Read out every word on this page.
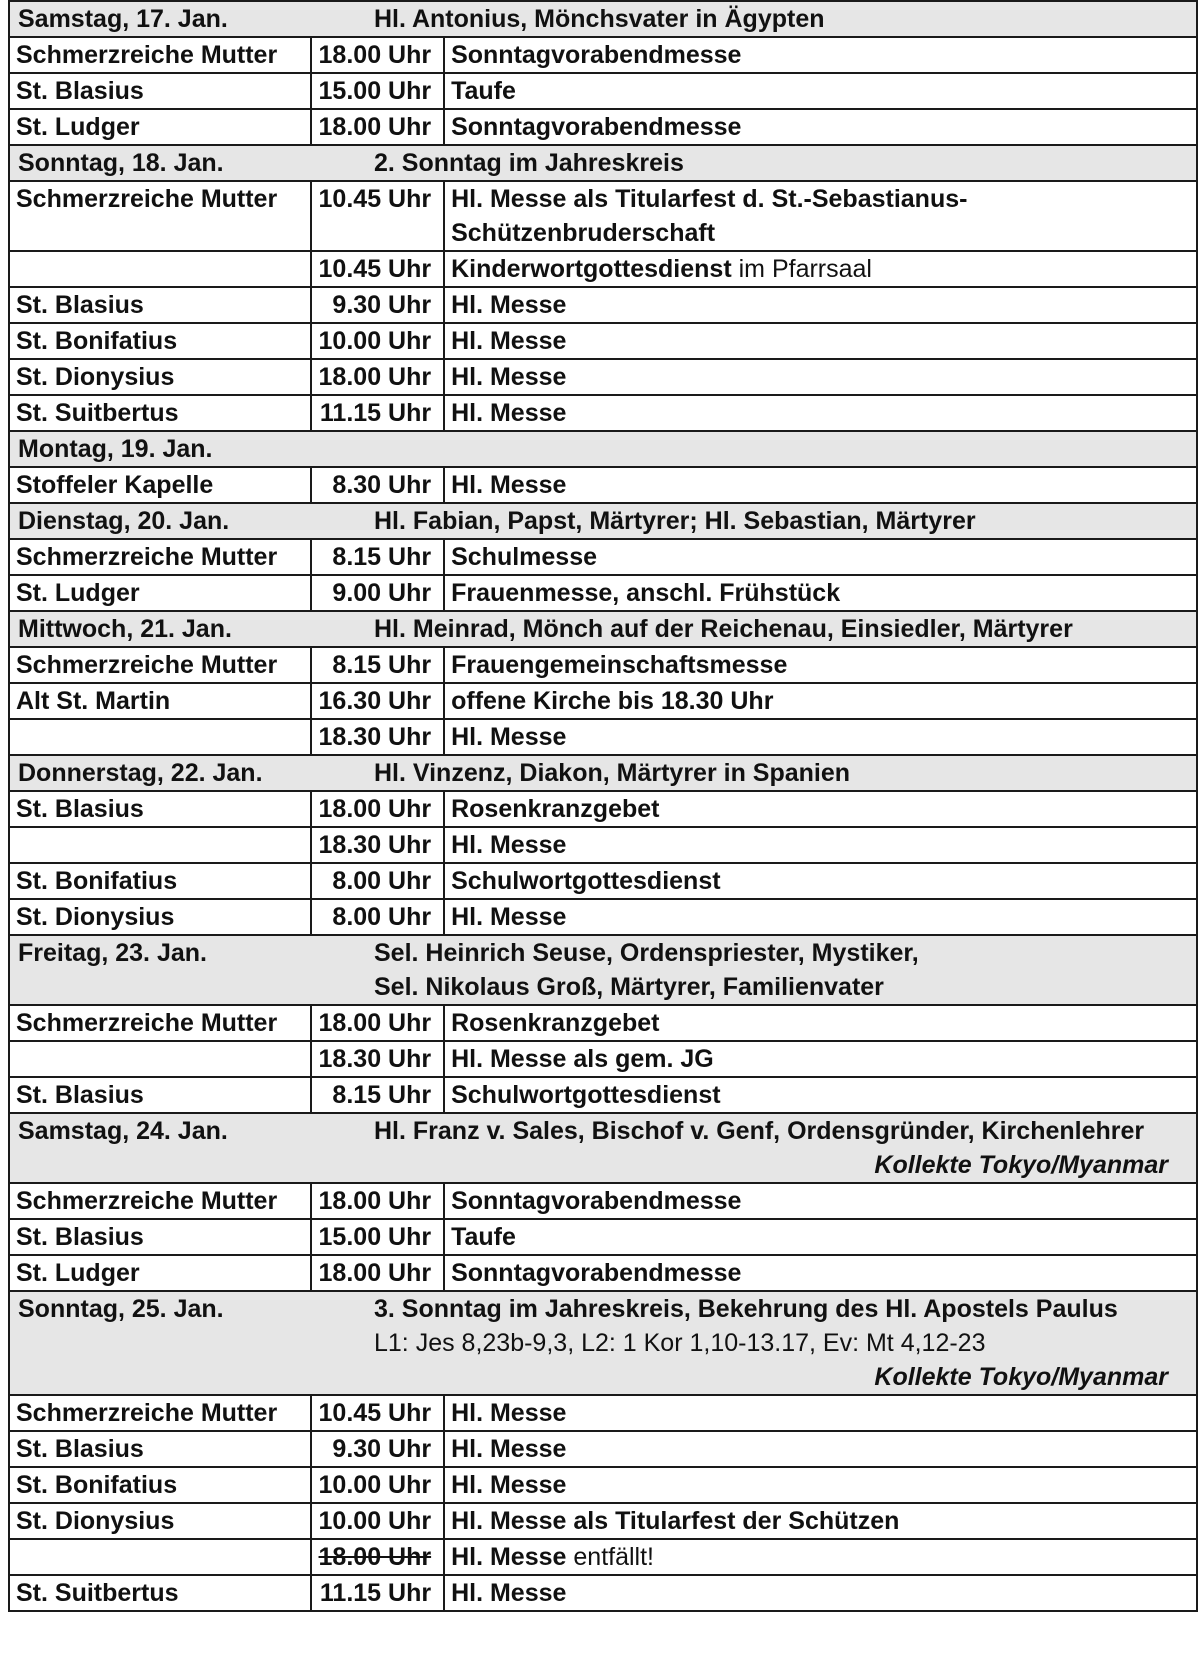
Samstag, 17. Jan. Hl. Antonius, Mönchsvater in Ägypten		

Schmerzreiche Mutter	18.00 Uhr	Sonntagvorabendmesse
St. Blasius	15.00 Uhr	Taufe
St. Ludger	18.00 Uhr	Sonntagvorabendmesse

Sonntag, 18. Jan. 2. Sonntag im Jahreskreis		

Schmerzreiche Mutter	10.45 Uhr	Hl. Messe als Titularfest d. St.-Sebastianus-
Schützenbruderschaft
	10.45 Uhr	Kinderwortgottesdienst im Pfarrsaal
St. Blasius	9.30 Uhr	Hl. Messe
St. Bonifatius	10.00 Uhr	Hl. Messe
St. Dionysius	18.00 Uhr	Hl. Messe
St. Suitbertus	11.15 Uhr	Hl. Messe

Montag, 19. Jan.		

Stoffeler Kapelle	8.30 Uhr	Hl. Messe

Dienstag, 20. Jan. Hl. Fabian, Papst, Märtyrer; Hl. Sebastian, Märtyrer		

Schmerzreiche Mutter	8.15 Uhr	Schulmesse
St. Ludger	9.00 Uhr	Frauenmesse, anschl. Frühstück

Mittwoch, 21. Jan. Hl. Meinrad, Mönch auf der Reichenau, Einsiedler, Märtyrer		

Schmerzreiche Mutter	8.15 Uhr	Frauengemeinschaftsmesse
Alt St. Martin	16.30 Uhr	offene Kirche bis 18.30 Uhr
	18.30 Uhr	Hl. Messe

Donnerstag, 22. Jan. Hl. Vinzenz, Diakon, Märtyrer in Spanien		

St. Blasius	18.00 Uhr	Rosenkranzgebet
	18.30 Uhr	Hl. Messe
St. Bonifatius	8.00 Uhr	Schulwortgottesdienst
St. Dionysius	8.00 Uhr	Hl. Messe

Freitag, 23. Jan. Sel. Heinrich Seuse, Ordenspriester, Mystiker,
Sel. Nikolaus Groß, Märtyrer, Familienvater		

Schmerzreiche Mutter	18.00 Uhr	Rosenkranzgebet
	18.30 Uhr	Hl. Messe als gem. JG
St. Blasius	8.15 Uhr	Schulwortgottesdienst

Samstag, 24. Jan. Hl. Franz v. Sales, Bischof v. Genf, Ordensgründer, Kirchenlehrer
Kollekte Tokyo/Myanmar		

Schmerzreiche Mutter	18.00 Uhr	Sonntagvorabendmesse
St. Blasius	15.00 Uhr	Taufe
St. Ludger	18.00 Uhr	Sonntagvorabendmesse

Sonntag, 25. Jan. 3. Sonntag im Jahreskreis, Bekehrung des Hl. Apostels Paulus
L1: Jes 8,23b-9,3, L2: 1 Kor 1,10-13.17, Ev: Mt 4,12-23
Kollekte Tokyo/Myanmar		

Schmerzreiche Mutter	10.45 Uhr	Hl. Messe
St. Blasius	9.30 Uhr	Hl. Messe
St. Bonifatius	10.00 Uhr	Hl. Messe
St. Dionysius	10.00 Uhr	Hl. Messe als Titularfest der Schützen
	18.00 Uhr	Hl. Messe entfällt!
St. Suitbertus	11.15 Uhr	Hl. Messe
